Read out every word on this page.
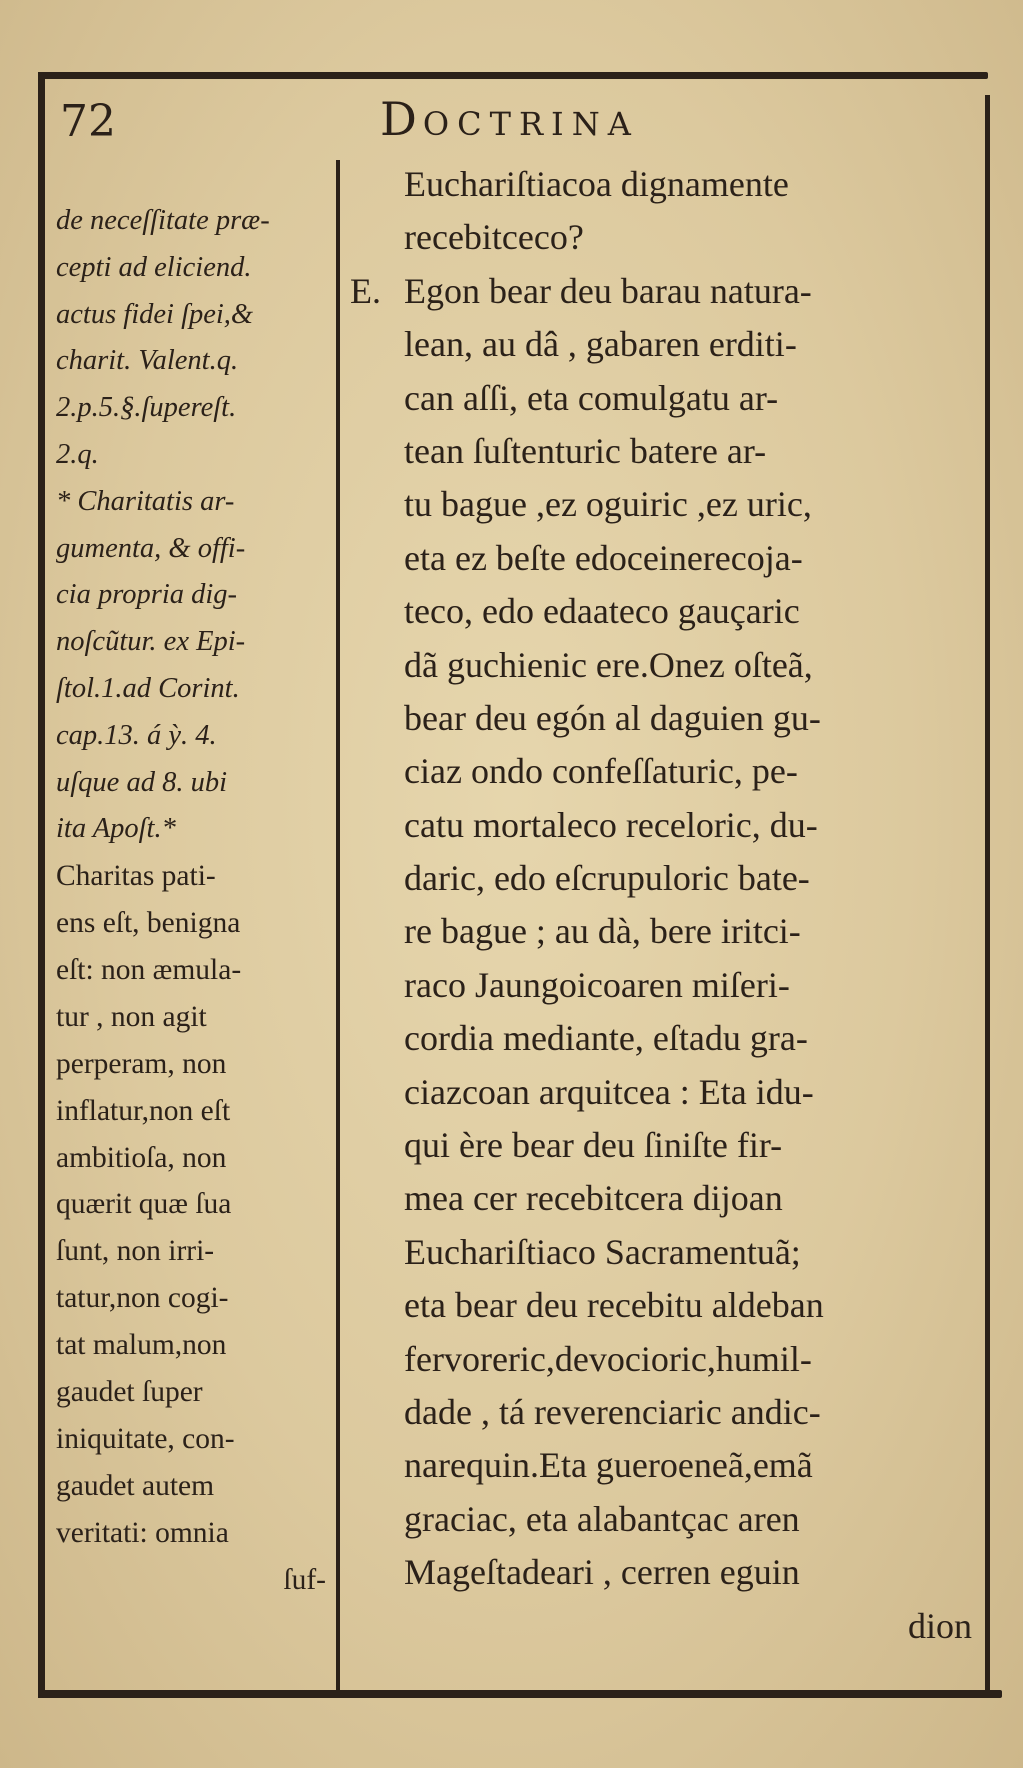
72	DOCTRINA
E.
de neceſſitate præ-
cepti ad eliciend.
actus fidei ſpei,&
charit. Valent.q.
2.p.5.§.ſupereſt.
2.q.
* Charitatis ar-
gumenta, & offi-
cia propria dig-
noſcũtur. ex Epi-
ſtol.1.ad Corint.
cap.13. á ỳ. 4.
uſque ad 8. ubi
ita Apoſt.*
Charitas pati-
ens eſt, benigna
eſt: non æmula-
tur , non agit
perperam, non
inflatur,non eſt
ambitioſa, non
quærit quæ ſua
ſunt, non irri-
tatur,non cogi-
tat malum,non
gaudet ſuper
iniquitate, con-
gaudet autem
veritati: omnia
ſuf-
Euchariſtiacoa dignamente
recebitceco?
Egon bear deu barau natura-
lean, au dâ , gabaren erditi-
can aſſi, eta comulgatu ar-
tean ſuſtenturic batere ar-
tu bague ,ez oguiric ,ez uric,
eta ez beſte edoceinerecoja-
teco, edo edaateco gauçaric
dã guchienic ere.Onez oſteã,
bear deu egón al daguien gu-
ciaz ondo confeſſaturic, pe-
catu mortaleco receloric, du-
daric, edo eſcrupuloric bate-
re bague ; au dà, bere iritci-
raco Jaungoicoaren miſeri-
cordia mediante, eſtadu gra-
ciazcoan arquitcea : Eta idu-
qui ère bear deu ſiniſte fir-
mea cer recebitcera dijoan
Euchariſtiaco Sacramentuã;
eta bear deu recebitu aldeban
fervoreric,devocioric,humil-
dade , tá reverenciaric andic-
narequin.Eta gueroeneã,emã
graciac, eta alabantçac aren
Mageſtadeari , cerren eguin
dion
